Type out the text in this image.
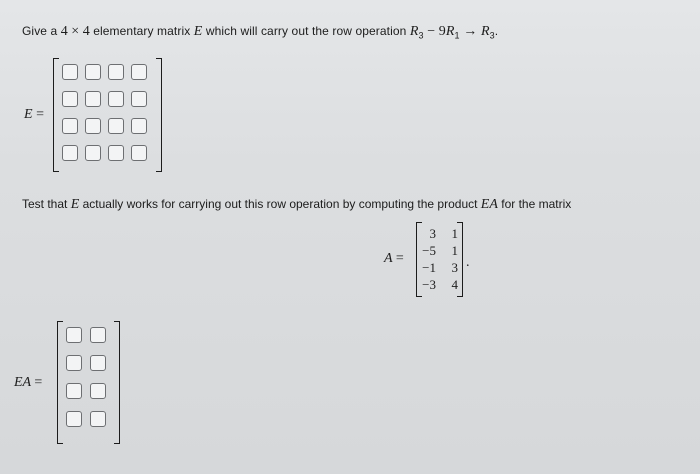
Give a 4 × 4 elementary matrix E which will carry out the row operation $R_3 - 9R_1 \to R_3$.
E =
Test that E actually works for carrying out this row operation by computing the product EA for the matrix
A =
3	1
−5	1
−1	3
−3	4
.
EA =
